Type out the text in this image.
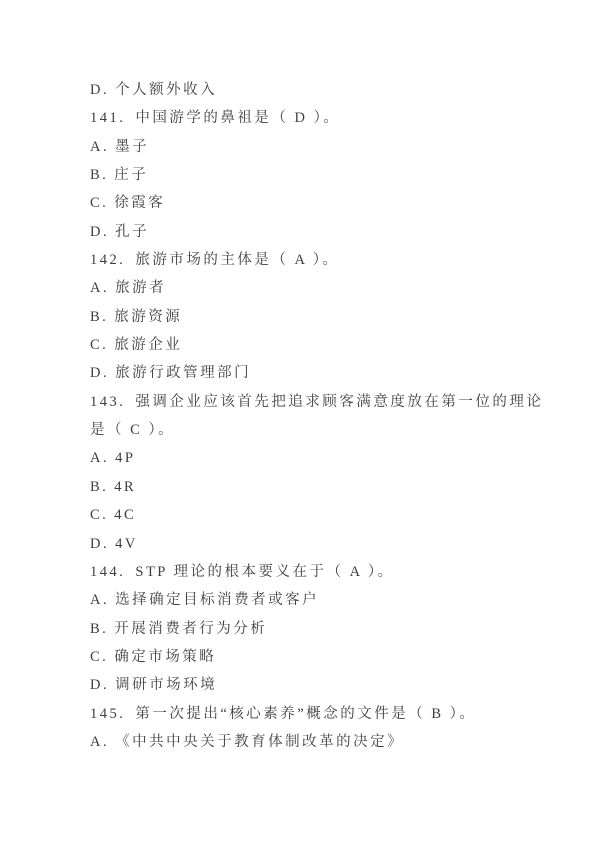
D. 个人额外收入
141. 中国游学的鼻祖是（ D ）。
A. 墨子
B. 庄子
C. 徐霞客
D. 孔子
142. 旅游市场的主体是（ A ）。
A. 旅游者
B. 旅游资源
C. 旅游企业
D. 旅游行政管理部门
143. 强调企业应该首先把追求顾客满意度放在第一位的理论是（ C ）。
A. 4P
B. 4R
C. 4C
D. 4V
144. STP 理论的根本要义在于（ A ）。
A. 选择确定目标消费者或客户
B. 开展消费者行为分析
C. 确定市场策略
D. 调研市场环境
145. 第一次提出“核心素养”概念的文件是（ B ）。
A. 《中共中央关于教育体制改革的决定》
